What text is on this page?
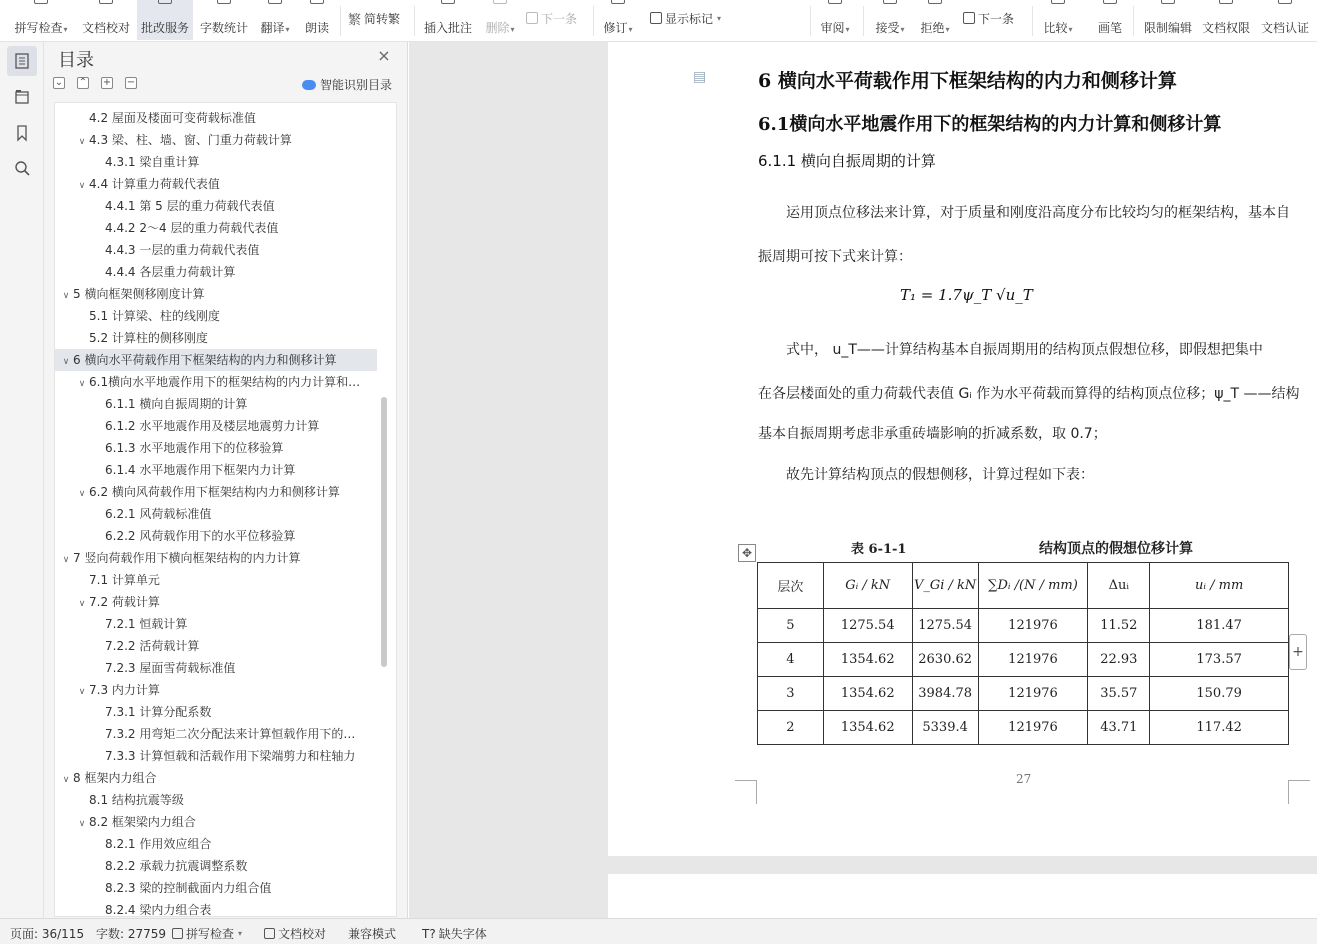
拼写检查▾ 文档校对 批改服务 字数统计 翻译▾ 朗读
繁 简转繁
插入批注 删除▾
下一条
修订▾
显示标记 ▾
审阅▾ 接受▾ 拒绝▾
下一条
比较▾ 画笔 限制编辑 文档权限 文档认证
目录	×
⌄ ⌃ + −	智能识别目录
8.2.4 梁内力组合表
8.2.3 梁的控制截面内力组合值
8.2.2 承载力抗震调整系数
8.2.1 作用效应组合
∨ 8.2 框架梁内力组合
8.1 结构抗震等级
∨ 8 框架内力组合
7.3.3 计算恒载和活载作用下梁端剪力和柱轴力
7.3.2 用弯矩二次分配法来计算恒载作用下的…
7.3.1 计算分配系数
∨ 7.3 内力计算
7.2.3 屋面雪荷载标准值
7.2.2 活荷载计算
7.2.1 恒载计算
∨ 7.2 荷载计算
7.1 计算单元
∨ 7 竖向荷载作用下横向框架结构的内力计算
6.2.2 风荷载作用下的水平位移验算
6.2.1 风荷载标准值
∨ 6.2 横向风荷载作用下框架结构内力和侧移计算
6.1.4 水平地震作用下框架内力计算
6.1.3 水平地震作用下的位移验算
6.1.2 水平地震作用及楼层地震剪力计算
6.1.1 横向自振周期的计算
∨ 6.1横向水平地震作用下的框架结构的内力计算和…
∨ 6 横向水平荷载作用下框架结构的内力和侧移计算
5.2 计算柱的侧移刚度
5.1 计算梁、柱的线刚度
∨ 5 横向框架侧移刚度计算
4.4.4 各层重力荷载计算
4.4.3 一层的重力荷载代表值
4.4.2 2～4 层的重力荷载代表值
4.4.1 第 5 层的重力荷载代表值
∨ 4.4 计算重力荷载代表值
4.3.1 梁自重计算
∨ 4.3 梁、柱、墙、窗、门重力荷载计算
4.2 屋面及楼面可变荷载标准值
▤	6 横向水平荷载作用下框架结构的内力和侧移计算
6.1横向水平地震作用下的框架结构的内力计算和侧移计算
6.1.1 横向自振周期的计算
运用顶点位移法来计算，对于质量和刚度沿高度分布比较均匀的框架结构，基本自
振周期可按下式来计算：
T₁ = 1.7ψ_T √u_T
式中， u_T——计算结构基本自振周期用的结构顶点假想位移，即假想把集中
在各层楼面处的重力荷载代表值 Gᵢ 作为水平荷载而算得的结构顶点位移；ψ_T ——结构
基本自振周期考虑非承重砖墙影响的折减系数，取 0.7；
故先计算结构顶点的假想侧移，计算过程如下表：
✥	表 6-1-1	结构顶点的假想位移计算
层次	Gᵢ / kN	V_Gi / kN	∑Dᵢ /(N / mm)	Δuᵢ	uᵢ / mm
5	1275.54	1275.54	121976	11.52	181.47
4	1354.62	2630.62	121976	22.93	173.57
3	1354.62	3984.78	121976	35.57	150.79
2	1354.62	5339.4	121976	43.71	117.42
+
27
页面: 36/115 字数: 27759 拼写检查 ▾	文档校对 兼容模式 T? 缺失字体
